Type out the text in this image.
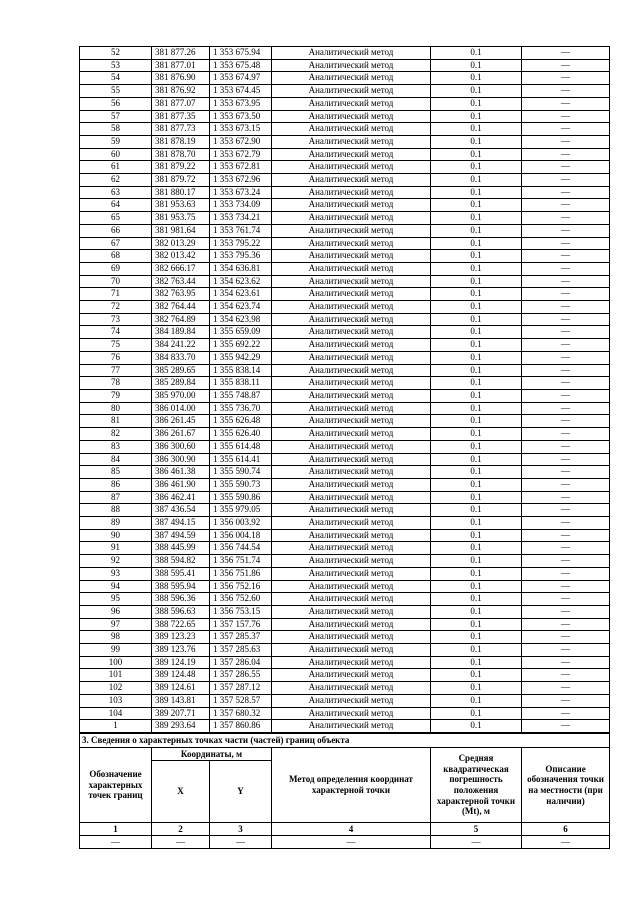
52	381 877.26	1 353 675.94	Аналитический метод	0.1	—
53	381 877.01	1 353 675.48	Аналитический метод	0.1	—
54	381 876.90	1 353 674.97	Аналитический метод	0.1	—
55	381 876.92	1 353 674.45	Аналитический метод	0.1	—
56	381 877.07	1 353 673.95	Аналитический метод	0.1	—
57	381 877.35	1 353 673.50	Аналитический метод	0.1	—
58	381 877.73	1 353 673.15	Аналитический метод	0.1	—
59	381 878.19	1 353 672.90	Аналитический метод	0.1	—
60	381 878.70	1 353 672.79	Аналитический метод	0.1	—
61	381 879.22	1 353 672.81	Аналитический метод	0.1	—
62	381 879.72	1 353 672.96	Аналитический метод	0.1	—
63	381 880.17	1 353 673.24	Аналитический метод	0.1	—
64	381 953.63	1 353 734.09	Аналитический метод	0.1	—
65	381 953.75	1 353 734.21	Аналитический метод	0.1	—
66	381 981.64	1 353 761.74	Аналитический метод	0.1	—
67	382 013.29	1 353 795.22	Аналитический метод	0.1	—
68	382 013.42	1 353 795.36	Аналитический метод	0.1	—
69	382 666.17	1 354 636.81	Аналитический метод	0.1	—
70	382 763.44	1 354 623.62	Аналитический метод	0.1	—
71	382 763.95	1 354 623.61	Аналитический метод	0.1	—
72	382 764.44	1 354 623.74	Аналитический метод	0.1	—
73	382 764.89	1 354 623.98	Аналитический метод	0.1	—
74	384 189.84	1 355 659.09	Аналитический метод	0.1	—
75	384 241.22	1 355 692.22	Аналитический метод	0.1	—
76	384 833.70	1 355 942.29	Аналитический метод	0.1	—
77	385 289.65	1 355 838.14	Аналитический метод	0.1	—
78	385 289.84	1 355 838.11	Аналитический метод	0.1	—
79	385 970.00	1 355 748.87	Аналитический метод	0.1	—
80	386 014.00	1 355 736.70	Аналитический метод	0.1	—
81	386 261.45	1 355 626.48	Аналитический метод	0.1	—
82	386 261.67	1 355 626.40	Аналитический метод	0.1	—
83	386 300.60	1 355 614.48	Аналитический метод	0.1	—
84	386 300.90	1 355 614.41	Аналитический метод	0.1	—
85	386 461.38	1 355 590.74	Аналитический метод	0.1	—
86	386 461.90	1 355 590.73	Аналитический метод	0.1	—
87	386 462.41	1 355 590.86	Аналитический метод	0.1	—
88	387 436.54	1 355 979.05	Аналитический метод	0.1	—
89	387 494.15	1 356 003.92	Аналитический метод	0.1	—
90	387 494.59	1 356 004.18	Аналитический метод	0.1	—
91	388 445.99	1 356 744.54	Аналитический метод	0.1	—
92	388 594.82	1 356 751.74	Аналитический метод	0.1	—
93	388 595.41	1 356 751.86	Аналитический метод	0.1	—
94	388 595.94	1 356 752.16	Аналитический метод	0.1	—
95	388 596.36	1 356 752.60	Аналитический метод	0.1	—
96	388 596.63	1 356 753.15	Аналитический метод	0.1	—
97	388 722.65	1 357 157.76	Аналитический метод	0.1	—
98	389 123.23	1 357 285.37	Аналитический метод	0.1	—
99	389 123.76	1 357 285.63	Аналитический метод	0.1	—
100	389 124.19	1 357 286.04	Аналитический метод	0.1	—
101	389 124.48	1 357 286.55	Аналитический метод	0.1	—
102	389 124.61	1 357 287.12	Аналитический метод	0.1	—
103	389 143.81	1 357 528.57	Аналитический метод	0.1	—
104	389 207.71	1 357 680.32	Аналитический метод	0.1	—
1	389 293.64	1 357 860.86	Аналитический метод	0.1	—
3. Сведения о характерных точках части (частей) границ объекта					
Обозначение характерных точек границ	Координаты, м		Метод определения координат характерной точки	Средняя квадратическая погрешность положения характерной точки (Mt), м	Описание обозначения точки на местности (при наличии)
	X	Y			
1	2	3	4	5	6
—	—	—	—	—	—
